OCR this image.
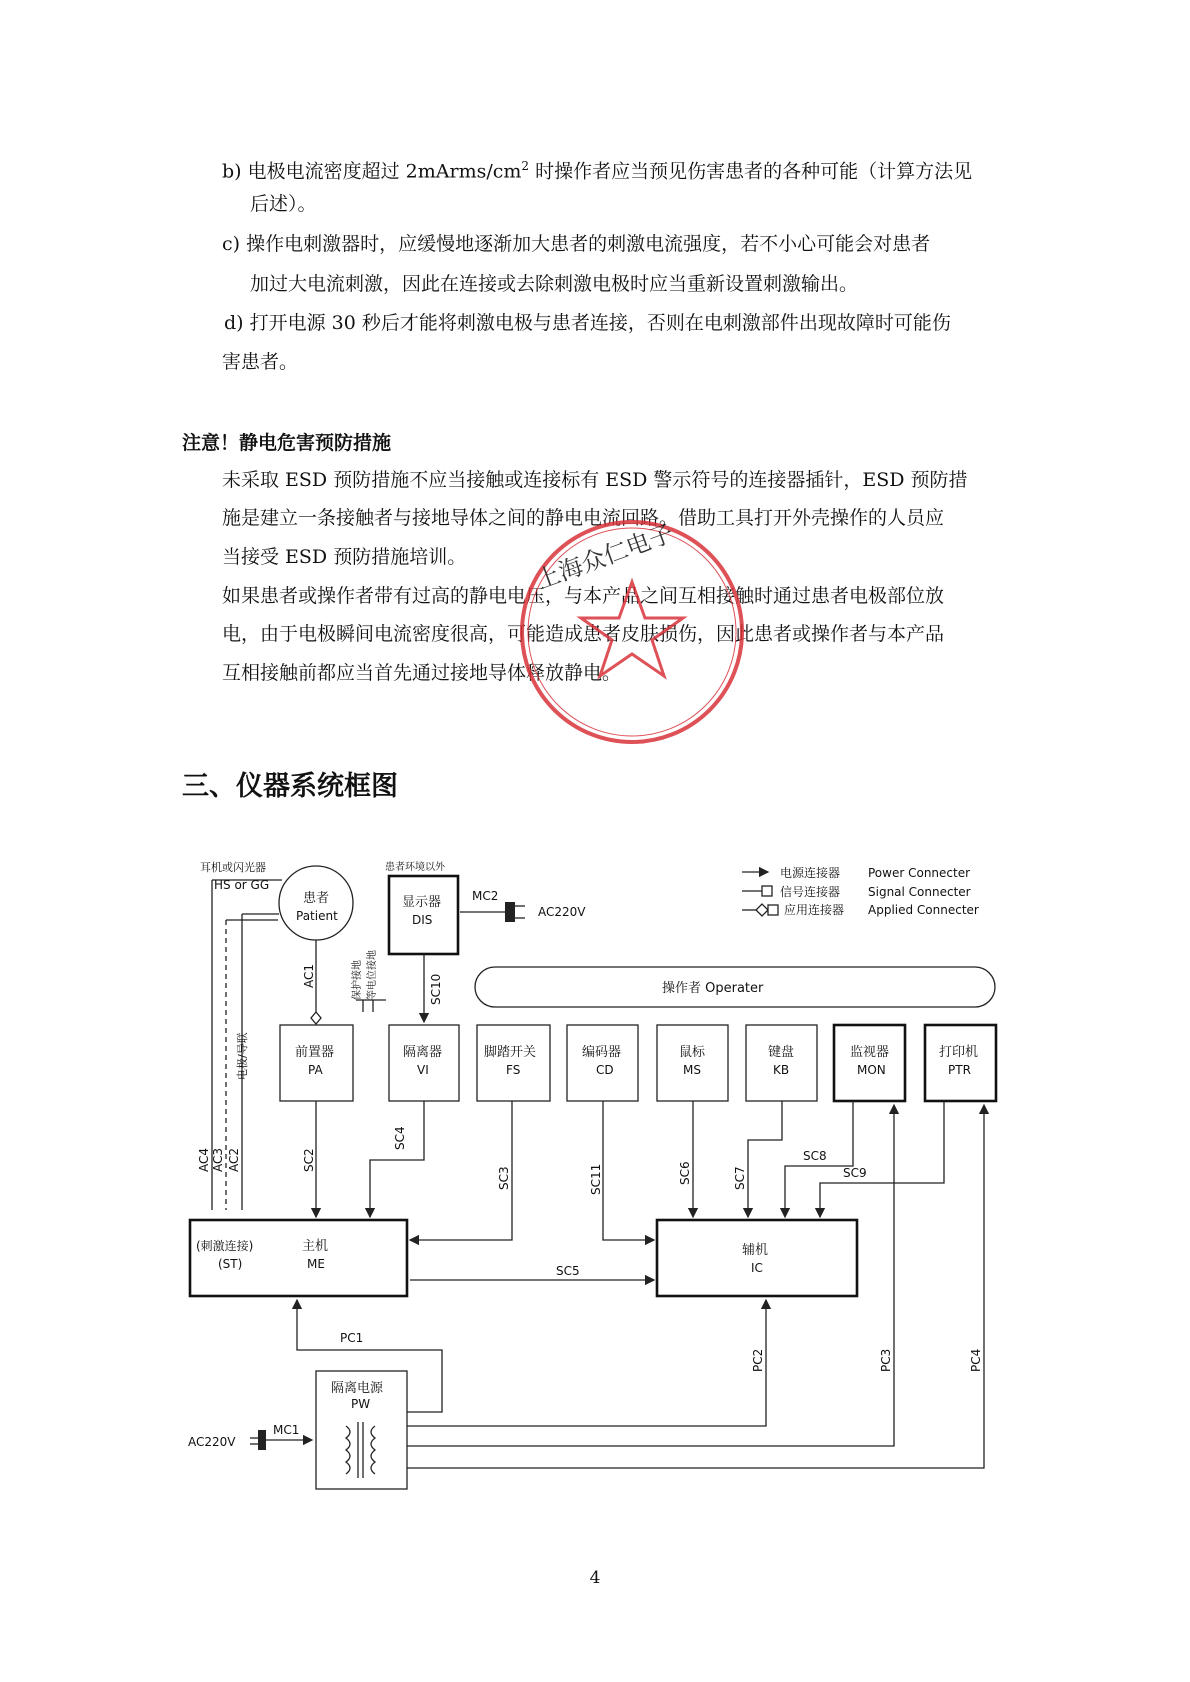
b) 电极电流密度超过 $2mArms/cm^2$ 时操作者应当预见伤害患者的各种可能（计算方法见
后述）。
c) 操作电刺激器时，应缓慢地逐渐加大患者的刺激电流强度，若不小心可能会对患者
加过大电流刺激，因此在连接或去除刺激电极时应当重新设置刺激输出。
d) 打开电源 30 秒后才能将刺激电极与患者连接，否则在电刺激部件出现故障时可能伤
害患者。
注意！静电危害预防措施
未采取 ESD 预防措施不应当接触或连接标有 ESD 警示符号的连接器插针，ESD 预防措
施是建立一条接触者与接地导体之间的静电电流回路。借助工具打开外壳操作的人员应
当接受 ESD 预防措施培训。
如果患者或操作者带有过高的静电电压，与本产品之间互相接触时通过患者电极部位放
电，由于电极瞬间电流密度很高，可能造成患者皮肤损伤，因此患者或操作者与本产品
互相接触前都应当首先通过接地导体释放静电。
三、仪器系统框图
4
上海众仁电子
耳机或闪光器
HS or GG
患者
Patient
患者环境以外
显示器
DIS
MC2
AC220V
电源连接器 Power Connecter
信号连接器 Signal Connecter
应用连接器 Applied Connecter
操作者 Operater
保护接地 等电位接地
前置器
PA
隔离器
VI
脚踏开关
FS
编码器
CD
鼠标
MS
键盘
KB
监视器
MON
打印机
PTR
AC1
电极/导联
AC4 AC3 AC2
SC10
(刺激连接)
(ST)
主机
ME
辅机
IC
SC2
SC4
SC3
SC5
SC11	SC6	SC7
SC8
SC9
隔离电源
PW
AC220V
MC1
PC1
PC2	PC3	PC4
